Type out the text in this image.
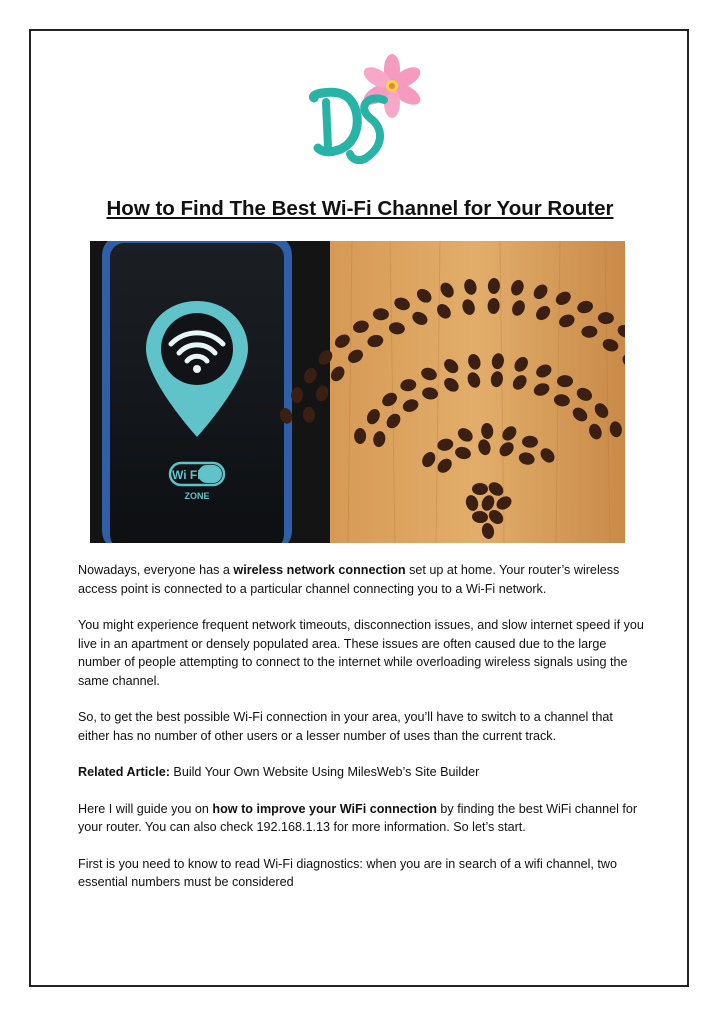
How to Find The Best Wi-Fi Channel for Your Router
Wi Fi
ZONE

Nowadays, everyone has a wireless network connection set up at home. Your router’s wireless access point is connected to a particular channel connecting you to a Wi-Fi network.

You might experience frequent network timeouts, disconnection issues, and slow internet speed if you live in an apartment or densely populated area. These issues are often caused due to the large number of people attempting to connect to the internet while overloading wireless signals using the same channel.

So, to get the best possible Wi-Fi connection in your area, you’ll have to switch to a channel that either has no number of other users or a lesser number of uses than the current track.

Related Article: Build Your Own Website Using MilesWeb’s Site Builder

Here I will guide you on how to improve your WiFi connection by finding the best WiFi channel for your router. You can also check 192.168.1.13 for more information. So let’s start.

First is you need to know to read Wi-Fi diagnostics: when you are in search of a wifi channel, two essential numbers must be considered
